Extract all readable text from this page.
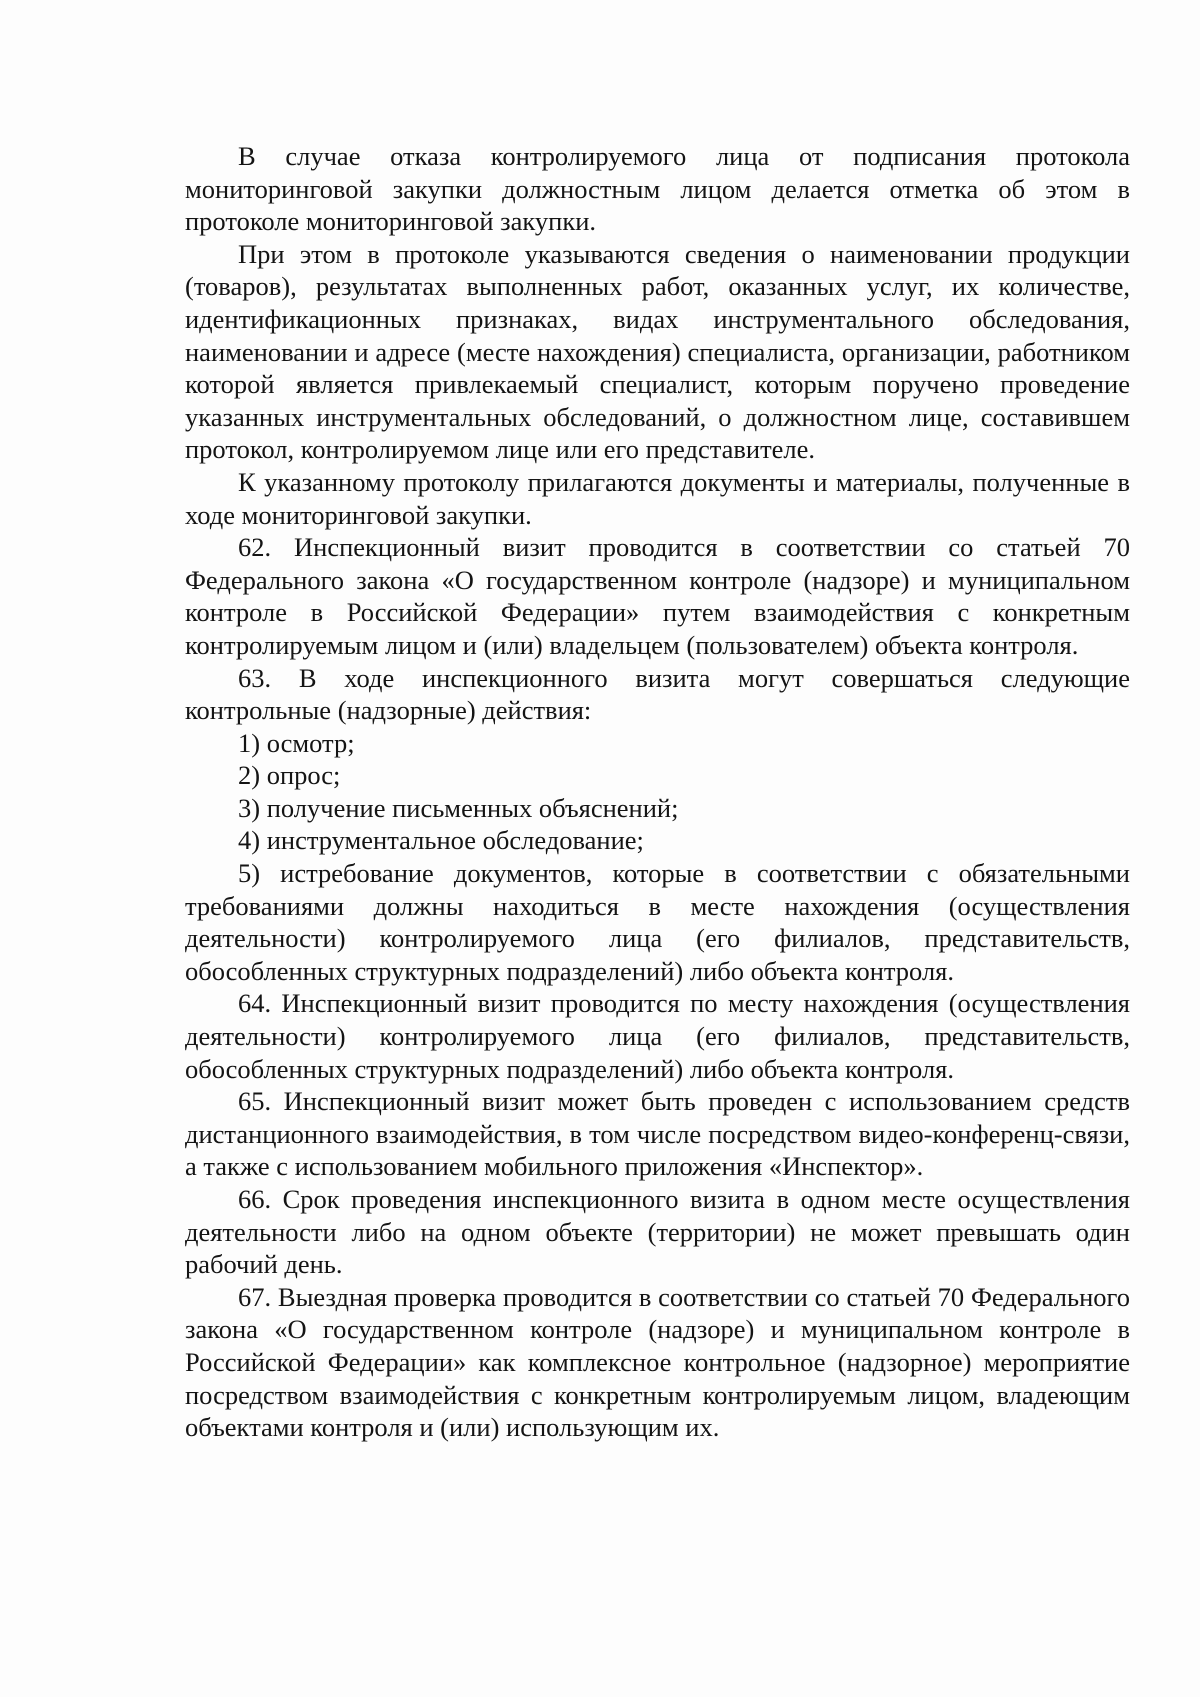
В случае отказа контролируемого лица от подписания протокола мониторинговой закупки должностным лицом делается отметка об этом в протоколе мониторинговой закупки.

При этом в протоколе указываются сведения о наименовании продукции (товаров), результатах выполненных работ, оказанных услуг, их количестве, идентификационных признаках, видах инструментального обследования, наименовании и адресе (месте нахождения) специалиста, организации, работником которой является привлекаемый специалист, которым поручено проведение указанных инструментальных обследований, о должностном лице, составившем протокол, контролируемом лице или его представителе.

К указанному протоколу прилагаются документы и материалы, полученные в ходе мониторинговой закупки.

62. Инспекционный визит проводится в соответствии со статьей 70 Федерального закона «О государственном контроле (надзоре) и муниципальном контроле в Российской Федерации» путем взаимодействия с конкретным контролируемым лицом и (или) владельцем (пользователем) объекта контроля.

63. В ходе инспекционного визита могут совершаться следующие контрольные (надзорные) действия:

1) осмотр;

2) опрос;

3) получение письменных объяснений;

4) инструментальное обследование;

5) истребование документов, которые в соответствии с обязательными требованиями должны находиться в месте нахождения (осуществления деятельности) контролируемого лица (его филиалов, представительств, обособленных структурных подразделений) либо объекта контроля.

64. Инспекционный визит проводится по месту нахождения (осуществления деятельности) контролируемого лица (его филиалов, представительств, обособленных структурных подразделений) либо объекта контроля.

65. Инспекционный визит может быть проведен с использованием средств дистанционного взаимодействия, в том числе посредством видео-конференц-связи, а также с использованием мобильного приложения «Инспектор».

66. Срок проведения инспекционного визита в одном месте осуществления деятельности либо на одном объекте (территории) не может превышать один рабочий день.

67. Выездная проверка проводится в соответствии со статьей 70 Федерального закона «О государственном контроле (надзоре) и муниципальном контроле в Российской Федерации» как комплексное контрольное (надзорное) мероприятие посредством взаимодействия с конкретным контролируемым лицом, владеющим объектами контроля и (или) использующим их.
